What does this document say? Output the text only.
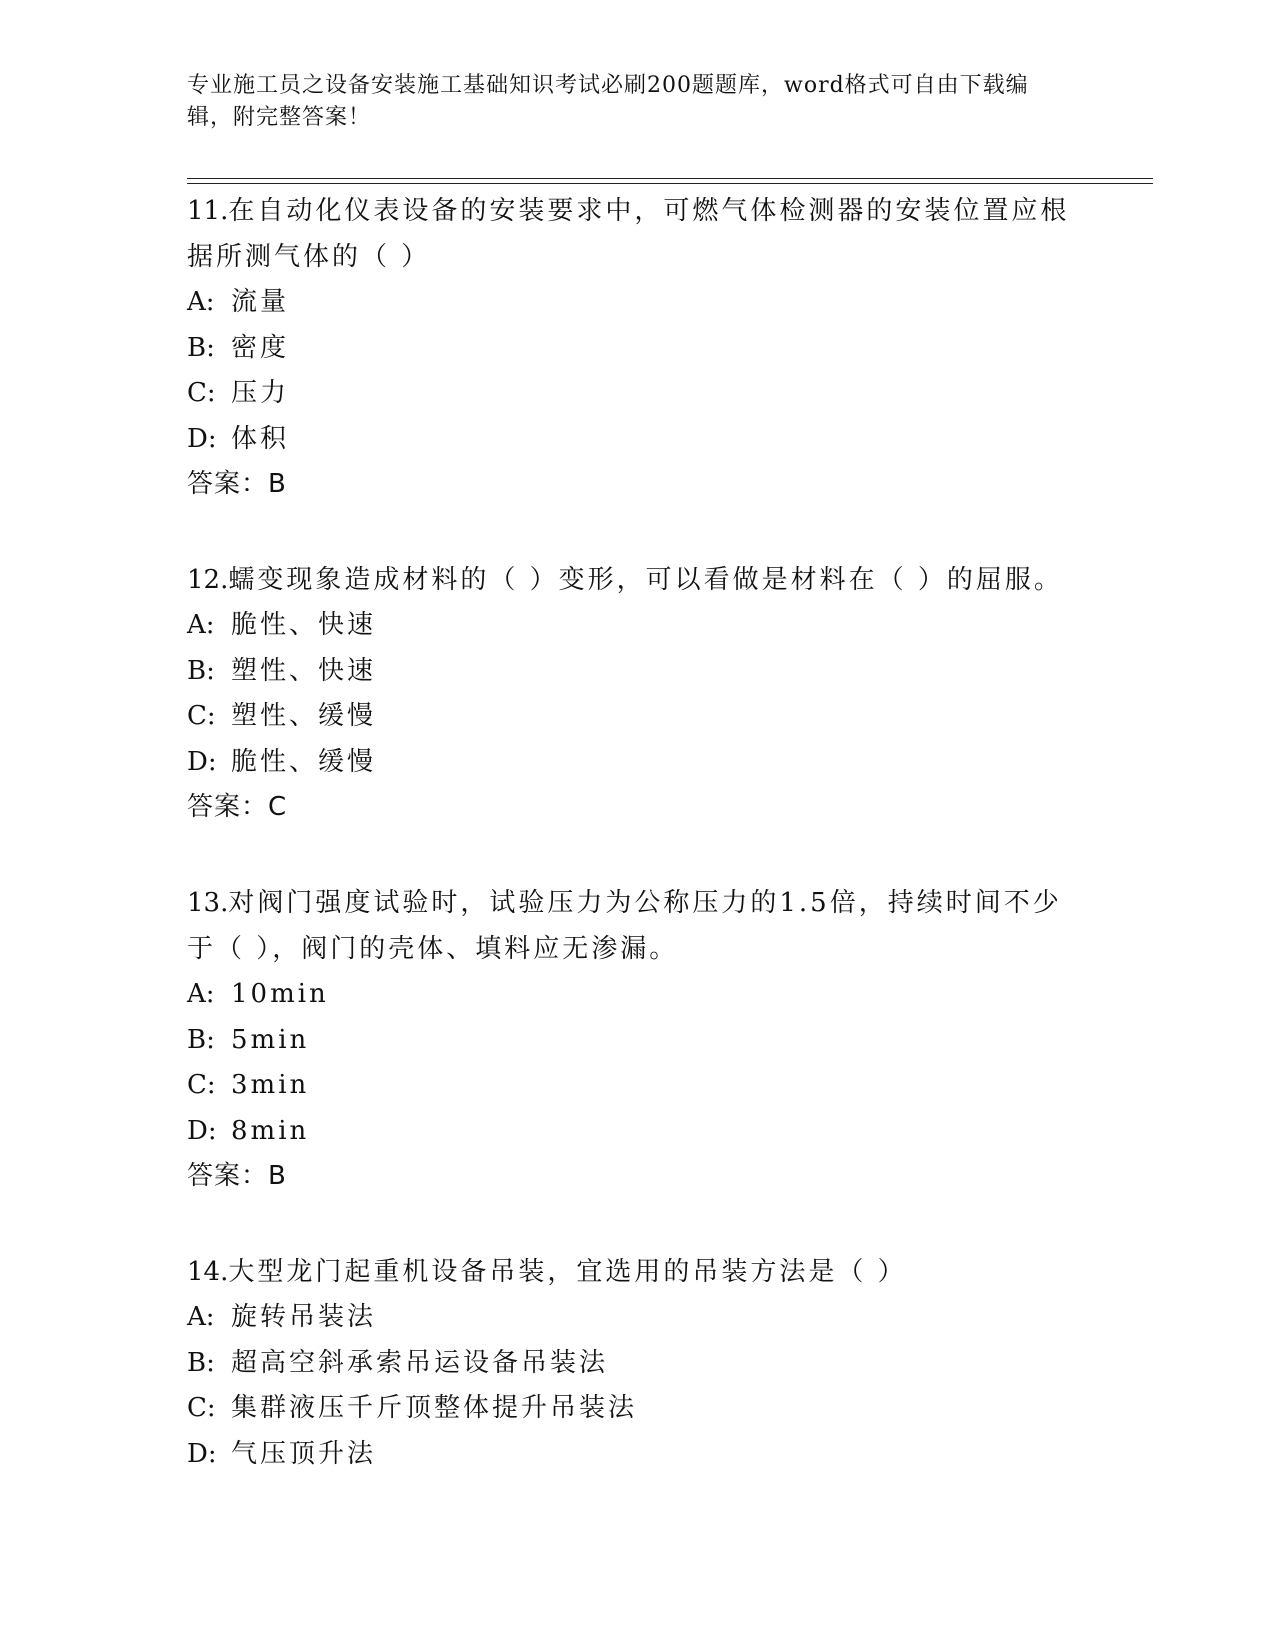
专业施工员之设备安装施工基础知识考试必刷200题题库，word格式可自由下载编辑，附完整答案！
11.在自动化仪表设备的安装要求中，可燃气体检测器的安装位置应根据所测气体的（ ）
A: 流量
B: 密度
C: 压力
D: 体积
答案：B
12.蠕变现象造成材料的（ ）变形，可以看做是材料在（ ）的屈服。
A: 脆性、快速
B: 塑性、快速
C: 塑性、缓慢
D: 脆性、缓慢
答案：C
13.对阀门强度试验时，试验压力为公称压力的1.5倍，持续时间不少于（ ），阀门的壳体、填料应无渗漏。
A: 10min
B: 5min
C: 3min
D: 8min
答案：B
14.大型龙门起重机设备吊装，宜选用的吊装方法是（ ）
A: 旋转吊装法
B: 超高空斜承索吊运设备吊装法
C: 集群液压千斤顶整体提升吊装法
D: 气压顶升法
